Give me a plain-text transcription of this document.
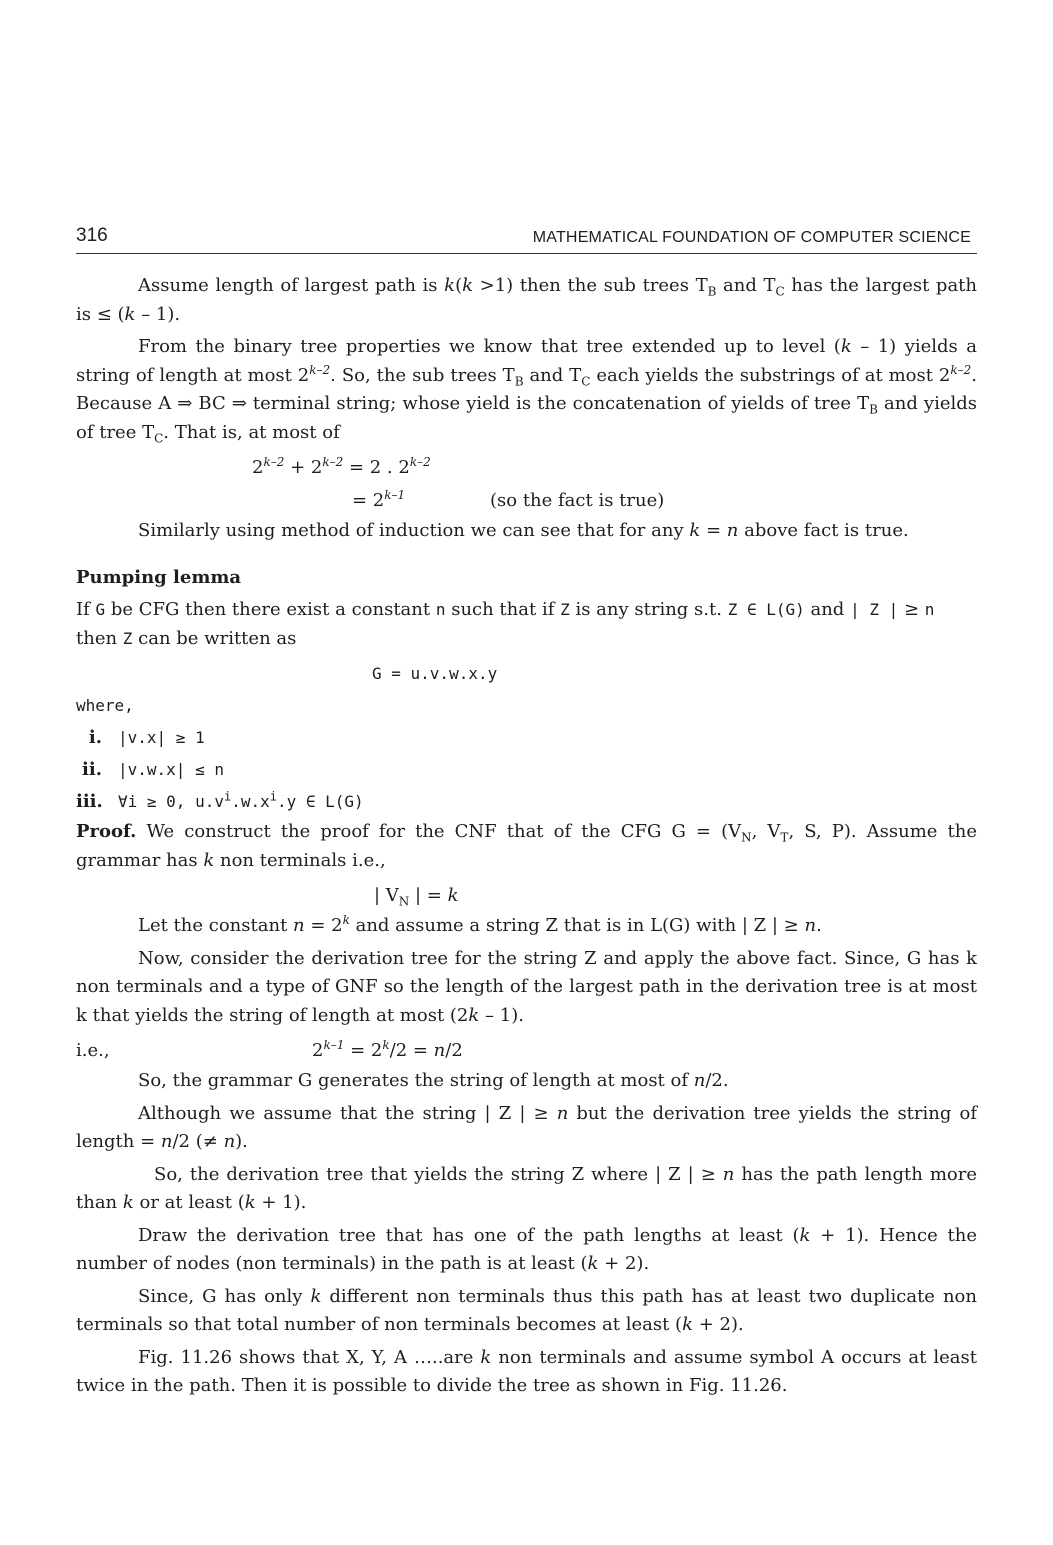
316	MATHEMATICAL FOUNDATION OF COMPUTER SCIENCE

Assume length of largest path is k(k >1) then the sub trees $T_B$ and $T_C$ has the largest path is ≤ (k – 1).

From the binary tree properties we know that tree extended up to level (k – 1) yields a string of length at most 2$^{k-2}$. So, the sub trees $T_B$ and $T_C$ each yields the substrings of at most 2$^{k-2}$. Because A ⇒ BC ⇒ terminal string; whose yield is the concatenation of yields of tree $T_B$ and yields of tree $T_C$. That is, at most of

$2^{k-2} + 2^{k-2} = 2$ . $2^{k-2}$
= $2^{k-1}$	(so the fact is true)

Similarly using method of induction we can see that for any k = n above fact is true.

Pumping lemma

If G be CFG then there exist a constant n such that if Z is any string s.t. Z ∈ L(G) and | Z | ≥ n
then Z can be written as

G = u.v.w.x.y
where,
i. |v.x| ≥ 1
ii. |v.w.x| ≤ n
iii. ∀i ≥ 0, $u.v^i.w.x^i.y$ ∈ L(G)

Proof. We construct the proof for the CNF that of the CFG $G = (V_N$, $V_T$, S, P). Assume the grammar has k non terminals i.e.,

| $V_N$ | = k

Let the constant $n = 2^k$ and assume a string Z that is in L(G) with | Z | ≥ n.

Now, consider the derivation tree for the string Z and apply the above fact. Since, G has k non terminals and a type of GNF so the length of the largest path in the derivation tree is at most k that yields the string of length at most (2k – 1).

i.e.,	$2^{k-1} = 2^k/2 = n/2$

So, the grammar G generates the string of length at most of n/2.

Although we assume that the string | Z | ≥ n but the derivation tree yields the string of length = n/2 (≠ n).

So, the derivation tree that yields the string Z where | Z | ≥ n has the path length more than k or at least (k + 1).

Draw the derivation tree that has one of the path lengths at least (k + 1). Hence the number of nodes (non terminals) in the path is at least (k + 2).

Since, G has only k different non terminals thus this path has at least two duplicate non terminals so that total number of non terminals becomes at least (k + 2).

Fig. 11.26 shows that X, Y, A …..are k non terminals and assume symbol A occurs at least twice in the path. Then it is possible to divide the tree as shown in Fig. 11.26.
